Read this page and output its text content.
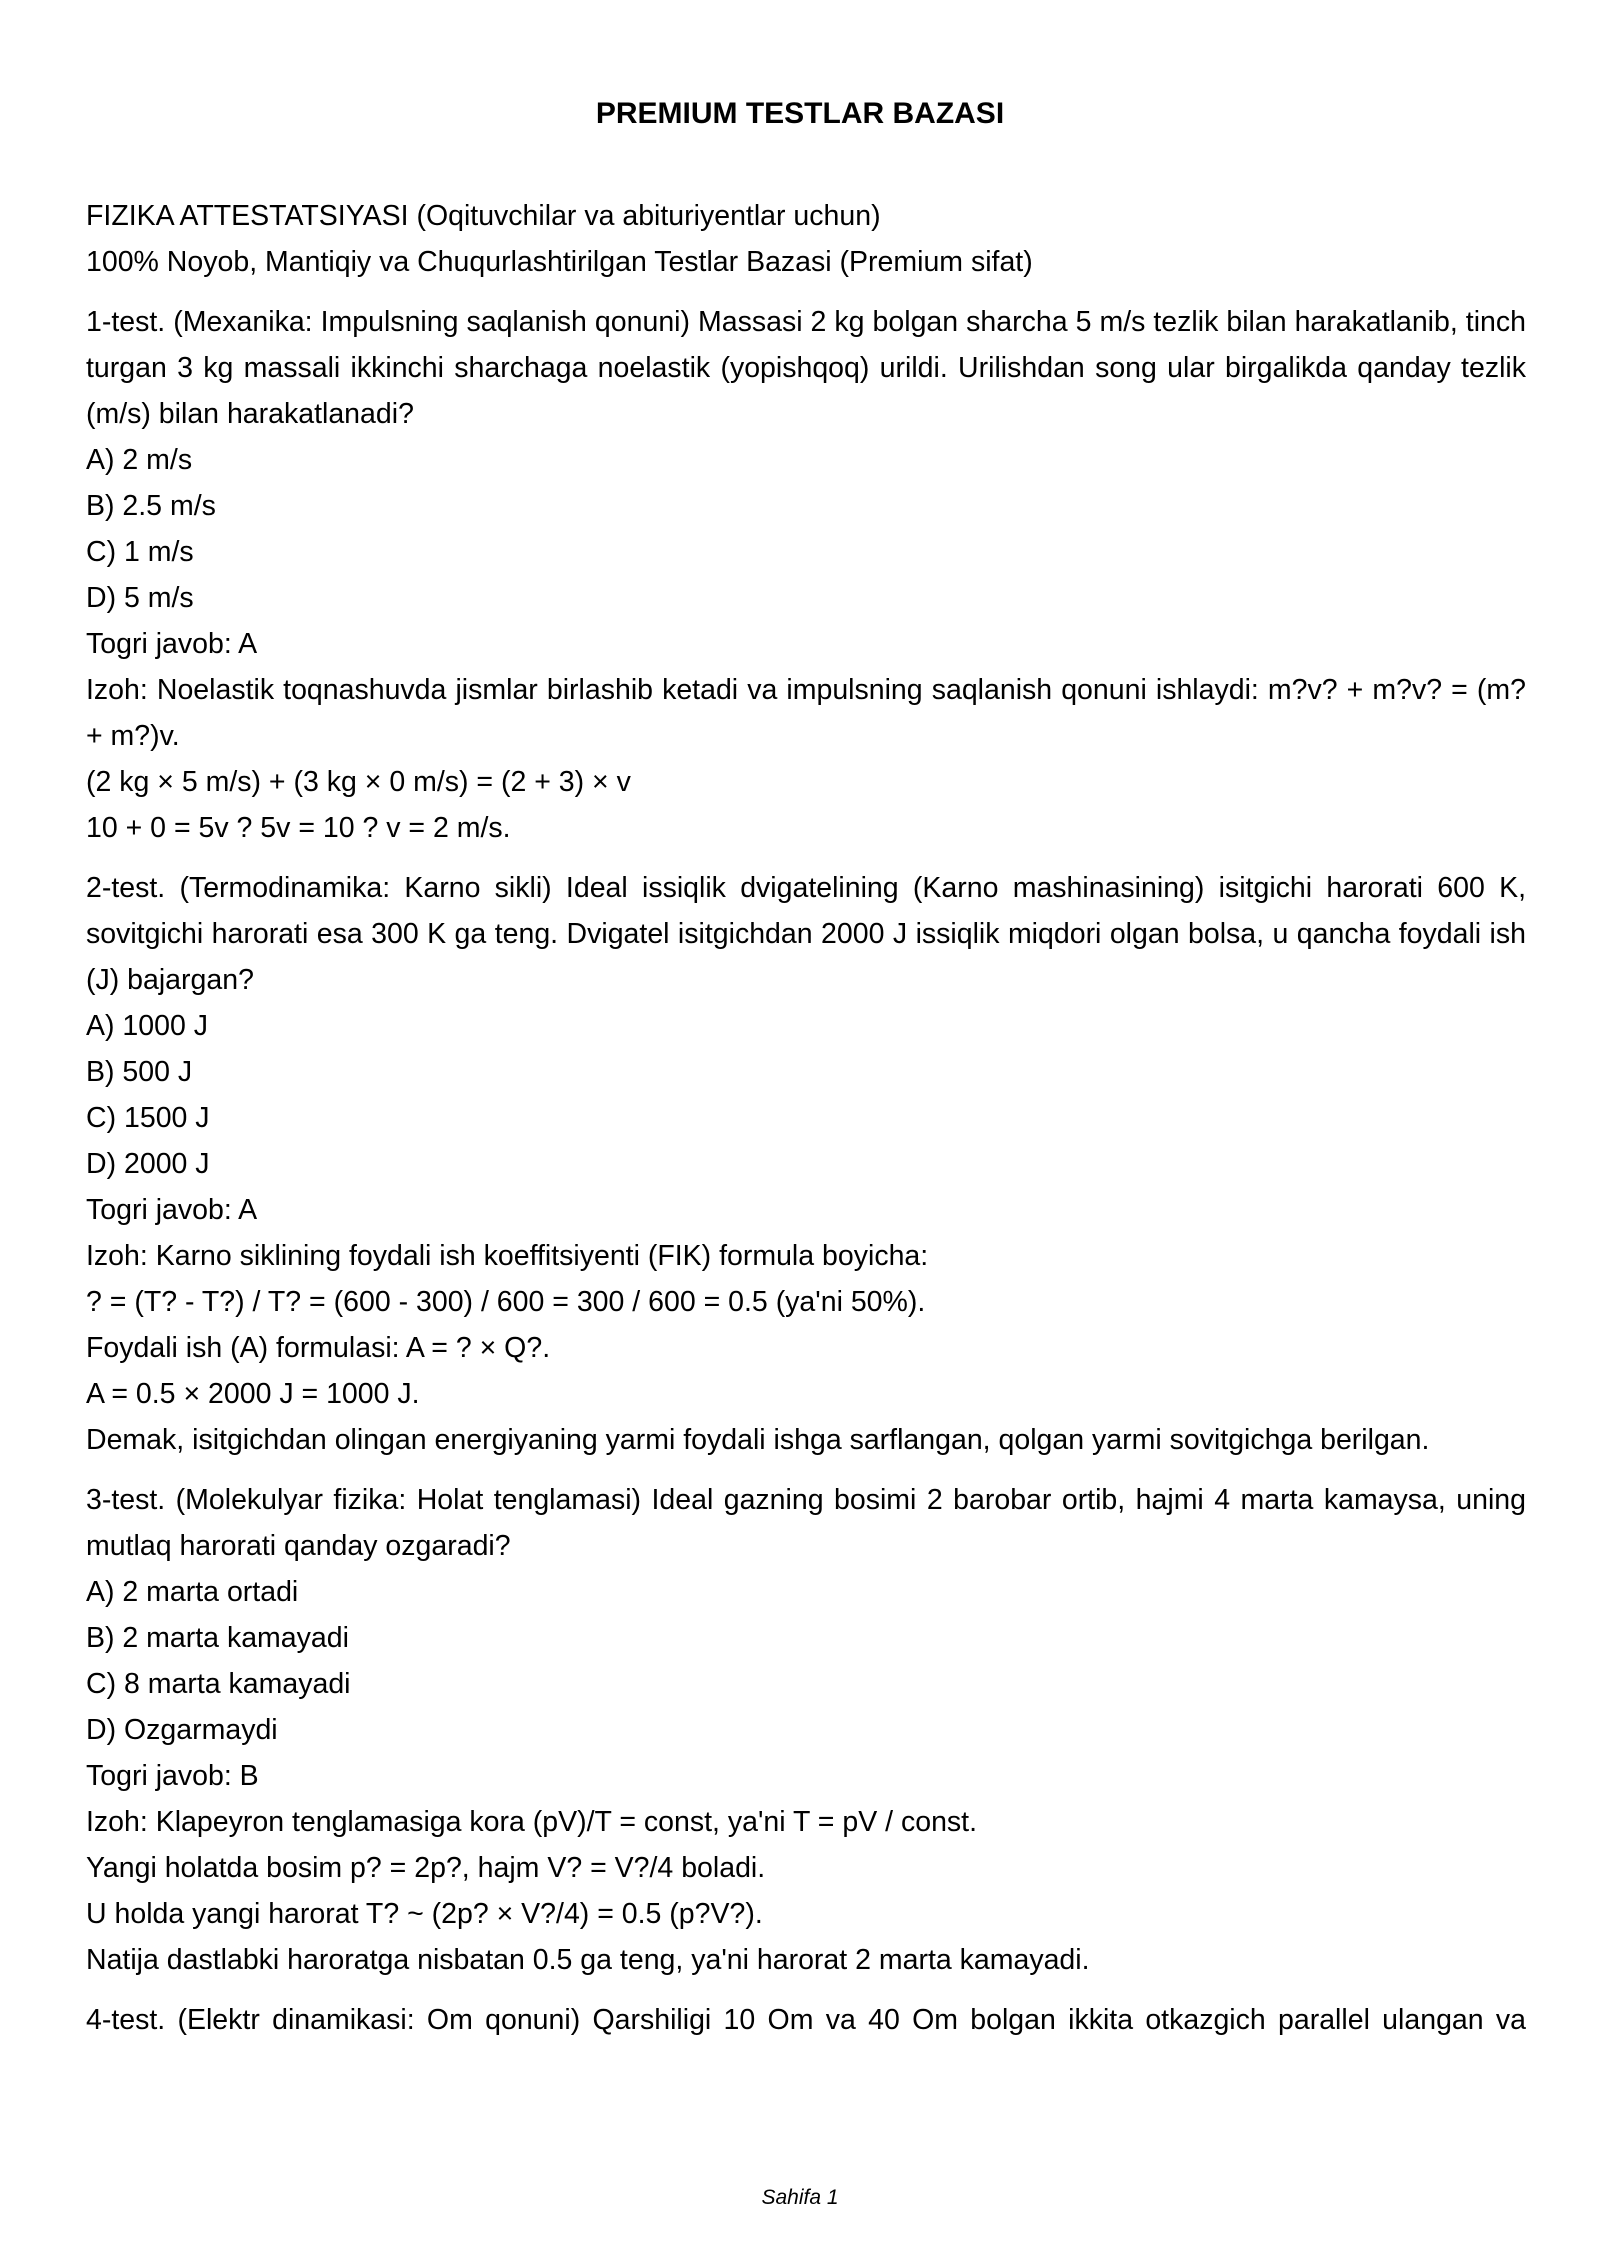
PREMIUM TESTLAR BAZASI

FIZIKA ATTESTATSIYASI (Oqituvchilar va abituriyentlar uchun)

100% Noyob, Mantiqiy va Chuqurlashtirilgan Testlar Bazasi (Premium sifat)

1-test. (Mexanika: Impulsning saqlanish qonuni) Massasi 2 kg bolgan sharcha 5 m/s tezlik bilan harakatlanib, tinch turgan 3 kg massali ikkinchi sharchaga noelastik (yopishqoq) urildi. Urilishdan song ular birgalikda qanday tezlik (m/s) bilan harakatlanadi?

A) 2 m/s

B) 2.5 m/s

C) 1 m/s

D) 5 m/s

Togri javob: A

Izoh: Noelastik toqnashuvda jismlar birlashib ketadi va impulsning saqlanish qonuni ishlaydi: m?v? + m?v? = (m? + m?)v.

(2 kg × 5 m/s) + (3 kg × 0 m/s) = (2 + 3) × v

10 + 0 = 5v ? 5v = 10 ? v = 2 m/s.

2-test. (Termodinamika: Karno sikli) Ideal issiqlik dvigatelining (Karno mashinasining) isitgichi harorati 600 K, sovitgichi harorati esa 300 K ga teng. Dvigatel isitgichdan 2000 J issiqlik miqdori olgan bolsa, u qancha foydali ish (J) bajargan?

A) 1000 J

B) 500 J

C) 1500 J

D) 2000 J

Togri javob: A

Izoh: Karno siklining foydali ish koeffitsiyenti (FIK) formula boyicha:

? = (T? - T?) / T? = (600 - 300) / 600 = 300 / 600 = 0.5 (ya'ni 50%).

Foydali ish (A) formulasi: A = ? × Q?.

A = 0.5 × 2000 J = 1000 J.

Demak, isitgichdan olingan energiyaning yarmi foydali ishga sarflangan, qolgan yarmi sovitgichga berilgan.

3-test. (Molekulyar fizika: Holat tenglamasi) Ideal gazning bosimi 2 barobar ortib, hajmi 4 marta kamaysa, uning mutlaq harorati qanday ozgaradi?

A) 2 marta ortadi

B) 2 marta kamayadi

C) 8 marta kamayadi

D) Ozgarmaydi

Togri javob: B

Izoh: Klapeyron tenglamasiga kora (pV)/T = const, ya'ni T = pV / const.

Yangi holatda bosim p? = 2p?, hajm V? = V?/4 boladi.

U holda yangi harorat T? ~ (2p? × V?/4) = 0.5 (p?V?).

Natija dastlabki haroratga nisbatan 0.5 ga teng, ya'ni harorat 2 marta kamayadi.

4-test. (Elektr dinamikasi: Om qonuni) Qarshiligi 10 Om va 40 Om bolgan ikkita otkazgich parallel ulangan va

Sahifa 1
